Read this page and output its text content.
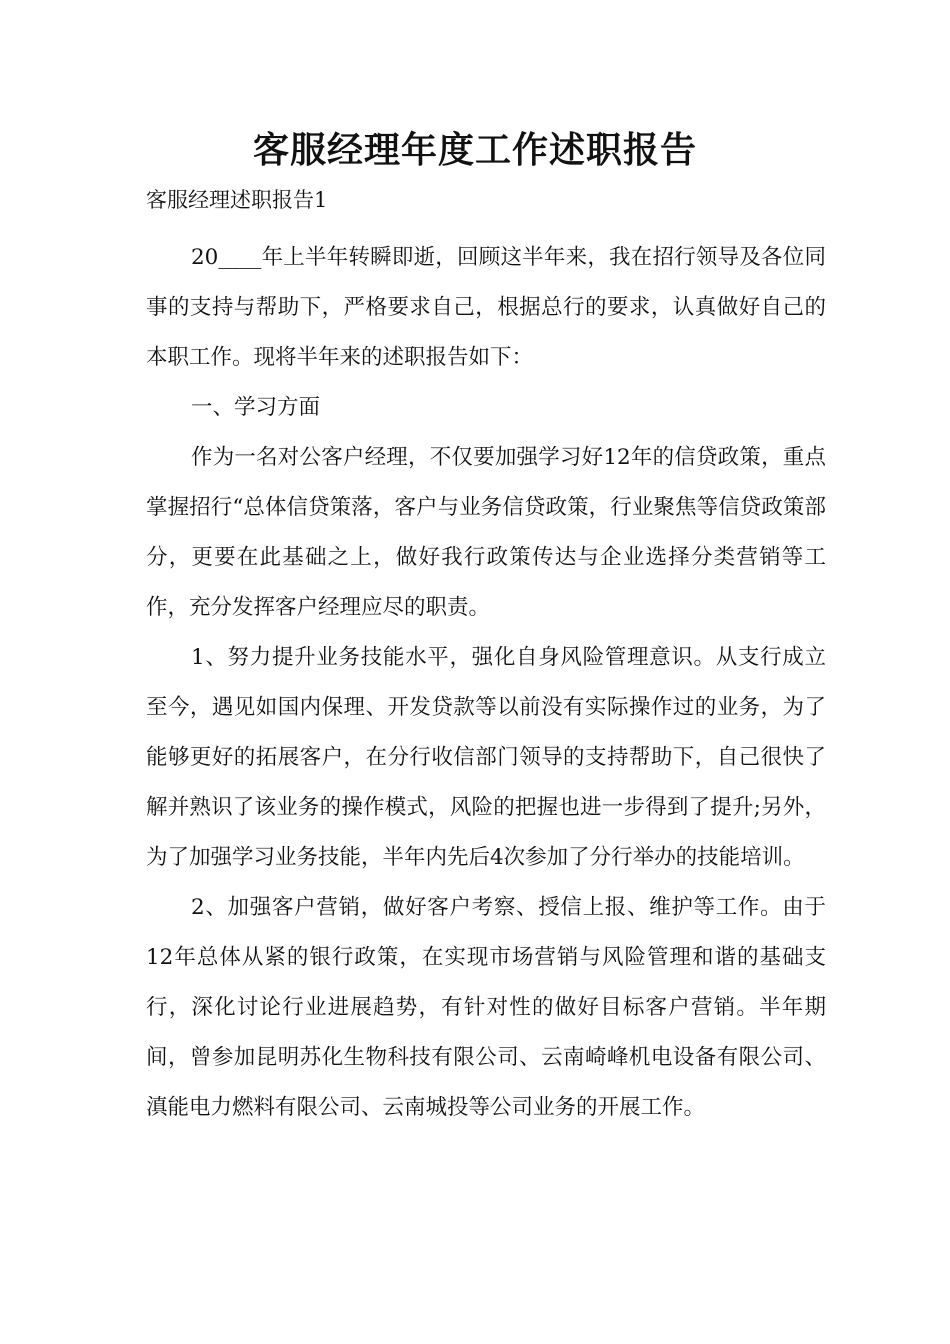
客服经理年度工作述职报告
客服经理述职报告1

20____年上半年转瞬即逝，回顾这半年来，我在招行领导及各位同事的支持与帮助下，严格要求自己，根据总行的要求，认真做好自己的本职工作。现将半年来的述职报告如下：

一、学习方面

作为一名对公客户经理，不仅要加强学习好12年的信贷政策，重点掌握招行“总体信贷策落，客户与业务信贷政策，行业聚焦等信贷政策部分，更要在此基础之上，做好我行政策传达与企业选择分类营销等工作，充分发挥客户经理应尽的职责。

1、努力提升业务技能水平，强化自身风险管理意识。从支行成立至今，遇见如国内保理、开发贷款等以前没有实际操作过的业务，为了能够更好的拓展客户，在分行收信部门领导的支持帮助下，自己很快了解并熟识了该业务的操作模式，风险的把握也进一步得到了提升;另外，为了加强学习业务技能，半年内先后4次参加了分行举办的技能培训。

2、加强客户营销，做好客户考察、授信上报、维护等工作。由于12年总体从紧的银行政策，在实现市场营销与风险管理和谐的基础支行，深化讨论行业进展趋势，有针对性的做好目标客户营销。半年期间，曾参加昆明苏化生物科技有限公司、云南崎峰机电设备有限公司、滇能电力燃料有限公司、云南城投等公司业务的开展工作。
